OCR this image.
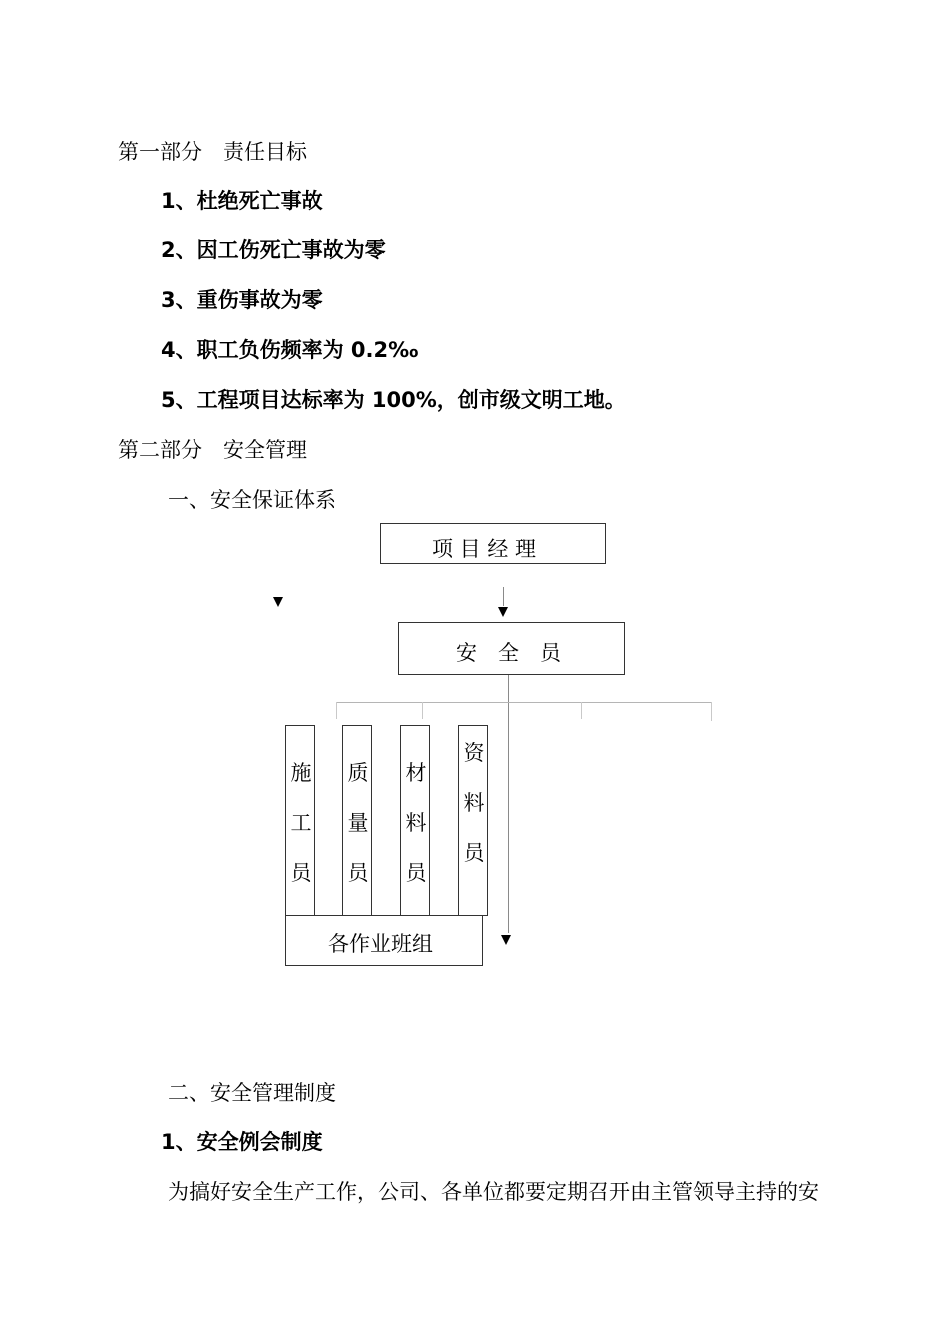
第一部分　责任目标
1、杜绝死亡事故
2、因工伤死亡事故为零
3、重伤事故为零
4、职工负伤频率为 0.2‰
5、工程项目达标率为 100%，创市级文明工地。
第二部分　安全管理
一、安全保证体系
项 目 经 理
安　全　员
施
工
员
质
量
员
材
料
员
资
料
员
各作业班组
二、安全管理制度
1、安全例会制度
为搞好安全生产工作，公司、各单位都要定期召开由主管领导主持的安
